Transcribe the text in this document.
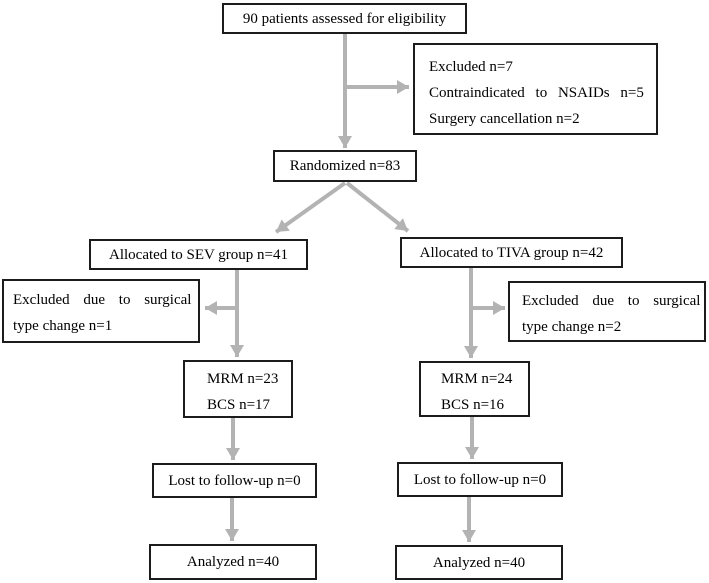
90 patients assessed for eligibility
Excluded n=7
Contraindicated to NSAIDs n=5
Surgery cancellation n=2
Randomized n=83
Allocated to SEV group n=41	Allocated to TIVA group n=42
Excluded due to surgical
type change n=1
Excluded due to surgical
type change n=2
MRM n=23
BCS n=17
MRM n=24
BCS n=16
Lost to follow-up n=0	Lost to follow-up n=0
Analyzed n=40	Analyzed n=40
